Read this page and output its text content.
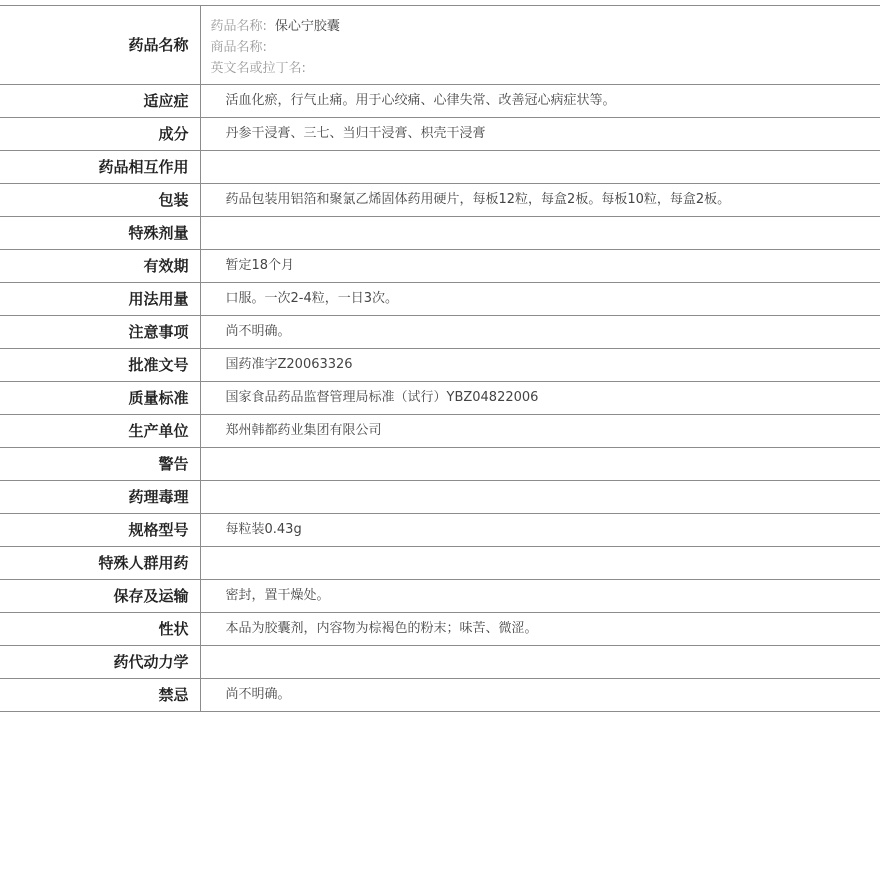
药品名称	药品名称: 保心宁胶囊
商品名称:
英文名或拉丁名:

适应症	活血化瘀，行气止痛。用于心绞痛、心律失常、改善冠心病症状等。
成分	丹参干浸膏、三七、当归干浸膏、枳壳干浸膏
药品相互作用	
包装	药品包装用铝箔和聚氯乙烯固体药用硬片，每板12粒，每盒2板。每板10粒，每盒2板。
特殊剂量	
有效期	暂定18个月
用法用量	口服。一次2-4粒，一日3次。
注意事项	尚不明确。
批准文号	国药准字Z20063326
质量标准	国家食品药品监督管理局标准（试行）YBZ04822006
生产单位	郑州韩都药业集团有限公司
警告	
药理毒理	
规格型号	每粒装0.43g
特殊人群用药	
保存及运输	密封，置干燥处。
性状	本品为胶囊剂，内容物为棕褐色的粉末；味苦、微涩。
药代动力学	
禁忌	尚不明确。
